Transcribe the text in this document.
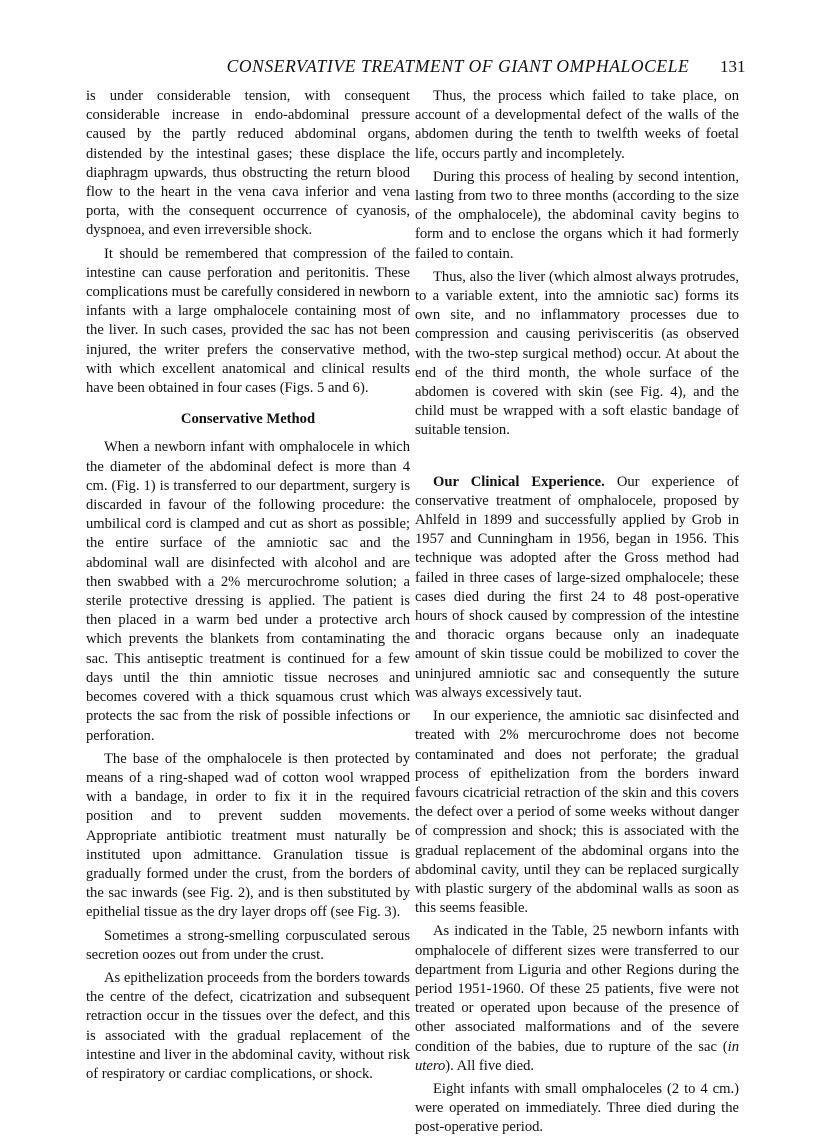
CONSERVATIVE TREATMENT OF GIANT OMPHALOCELE	131

is under considerable tension, with consequent considerable increase in endo-abdominal pressure caused by the partly reduced abdominal organs, distended by the intestinal gases; these displace the diaphragm upwards, thus obstructing the return blood flow to the heart in the vena cava inferior and vena porta, with the consequent occurrence of cyanosis, dyspnoea, and even irreversible shock.

It should be remembered that compression of the intestine can cause perforation and peritonitis. These complications must be carefully considered in newborn infants with a large omphalocele containing most of the liver. In such cases, provided the sac has not been injured, the writer prefers the conservative method, with which excellent anatomical and clinical results have been obtained in four cases (Figs. 5 and 6).

Conservative Method

When a newborn infant with omphalocele in which the diameter of the abdominal defect is more than 4 cm. (Fig. 1) is transferred to our department, surgery is discarded in favour of the following procedure: the umbilical cord is clamped and cut as short as possible; the entire surface of the amniotic sac and the abdominal wall are disinfected with alcohol and are then swabbed with a 2% mercurochrome solution; a sterile protective dressing is applied. The patient is then placed in a warm bed under a protective arch which prevents the blankets from contaminating the sac. This antiseptic treatment is continued for a few days until the thin amniotic tissue necroses and becomes covered with a thick squamous crust which protects the sac from the risk of possible infections or perforation.

The base of the omphalocele is then protected by means of a ring-shaped wad of cotton wool wrapped with a bandage, in order to fix it in the required position and to prevent sudden movements. Appropriate antibiotic treatment must naturally be instituted upon admittance. Granulation tissue is gradually formed under the crust, from the borders of the sac inwards (see Fig. 2), and is then substituted by epithelial tissue as the dry layer drops off (see Fig. 3).

Sometimes a strong-smelling corpusculated serous secretion oozes out from under the crust.

As epithelization proceeds from the borders towards the centre of the defect, cicatrization and subsequent retraction occur in the tissues over the defect, and this is associated with the gradual replacement of the intestine and liver in the abdominal cavity, without risk of respiratory or cardiac complications, or shock.

Thus, the process which failed to take place, on account of a developmental defect of the walls of the abdomen during the tenth to twelfth weeks of foetal life, occurs partly and incompletely.

During this process of healing by second intention, lasting from two to three months (according to the size of the omphalocele), the abdominal cavity begins to form and to enclose the organs which it had formerly failed to contain.

Thus, also the liver (which almost always protrudes, to a variable extent, into the amniotic sac) forms its own site, and no inflammatory processes due to compression and causing perivisceritis (as observed with the two-step surgical method) occur. At about the end of the third month, the whole surface of the abdomen is covered with skin (see Fig. 4), and the child must be wrapped with a soft elastic bandage of suitable tension.

Our Clinical Experience. Our experience of conservative treatment of omphalocele, proposed by Ahlfeld in 1899 and successfully applied by Grob in 1957 and Cunningham in 1956, began in 1956. This technique was adopted after the Gross method had failed in three cases of large-sized omphalocele; these cases died during the first 24 to 48 post-operative hours of shock caused by compression of the intestine and thoracic organs because only an inadequate amount of skin tissue could be mobilized to cover the uninjured amniotic sac and consequently the suture was always excessively taut.

In our experience, the amniotic sac disinfected and treated with 2% mercurochrome does not become contaminated and does not perforate; the gradual process of epithelization from the borders inward favours cicatricial retraction of the skin and this covers the defect over a period of some weeks without danger of compression and shock; this is associated with the gradual replacement of the abdominal organs into the abdominal cavity, until they can be replaced surgically with plastic surgery of the abdominal walls as soon as this seems feasible.

As indicated in the Table, 25 newborn infants with omphalocele of different sizes were transferred to our department from Liguria and other Regions during the period 1951-1960. Of these 25 patients, five were not treated or operated upon because of the presence of other associated malformations and of the severe condition of the babies, due to rupture of the sac (in utero). All five died.

Eight infants with small omphaloceles (2 to 4 cm.) were operated on immediately. Three died during the post-operative period.
